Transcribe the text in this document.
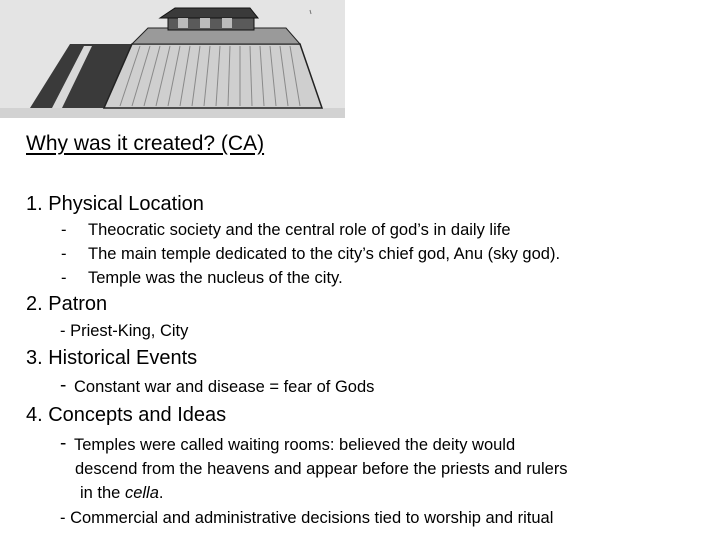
Why was it created? (CA)
1. Physical Location
- Theocratic society and the central role of god’s in daily life
- The main temple dedicated to the city’s chief god, Anu (sky god).
- Temple was the nucleus of the city.
2. Patron
- Priest-King, City
3. Historical Events
- Constant war and disease = fear of Gods
4. Concepts and Ideas
- Temples were called waiting rooms: believed the deity would
descend from the heavens and appear before the priests and rulers
in the cella.
- Commercial and administrative decisions tied to worship and ritual
